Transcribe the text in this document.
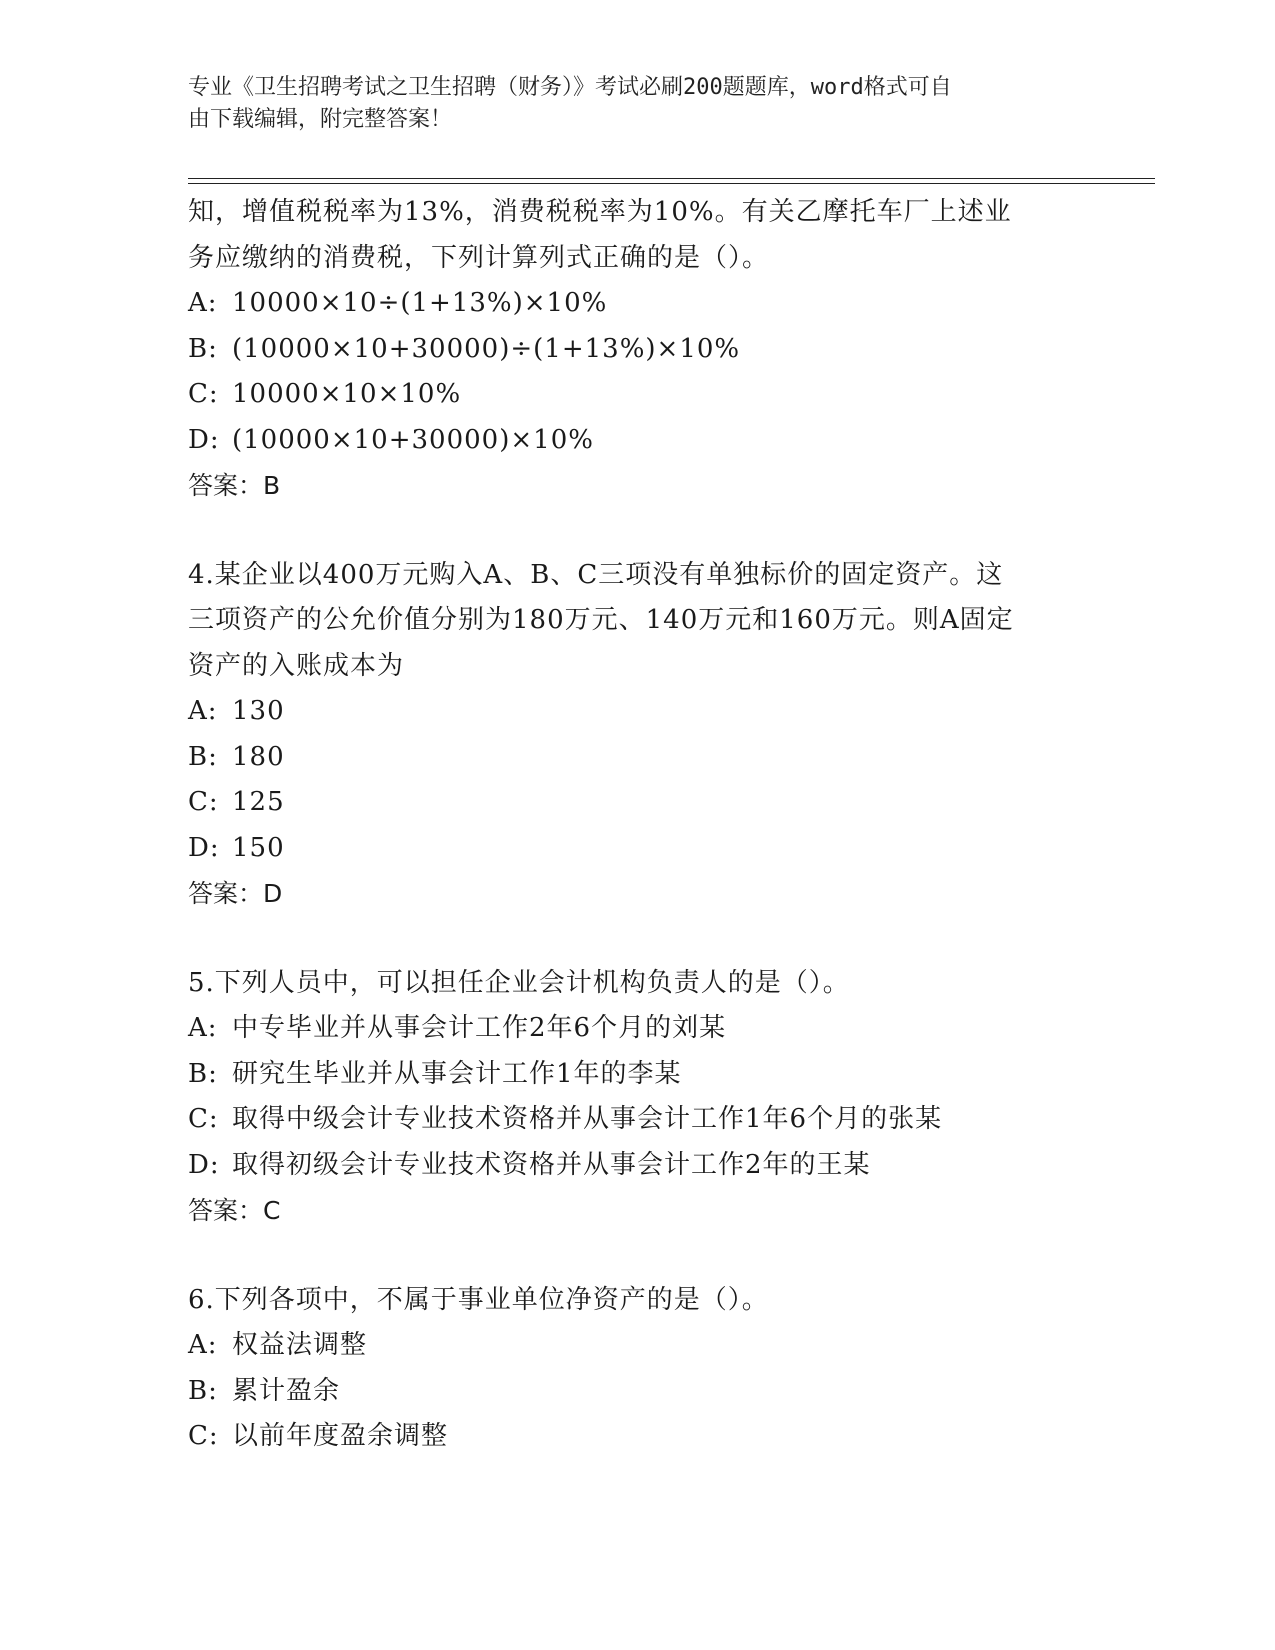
专业《卫生招聘考试之卫生招聘（财务）》考试必刷200题题库，word格式可自
由下载编辑，附完整答案！
知，增值税税率为13%，消费税税率为10%。有关乙摩托车厂上述业
务应缴纳的消费税，下列计算列式正确的是（）。
A: 10000×10÷(1+13%)×10%
B: (10000×10+30000)÷(1+13%)×10%
C: 10000×10×10%
D: (10000×10+30000)×10%
答案：B
4.某企业以400万元购入A、B、C三项没有单独标价的固定资产。这
三项资产的公允价值分别为180万元、140万元和160万元。则A固定
资产的入账成本为
A: 130
B: 180
C: 125
D: 150
答案：D
5.下列人员中，可以担任企业会计机构负责人的是（）。
A: 中专毕业并从事会计工作2年6个月的刘某
B: 研究生毕业并从事会计工作1年的李某
C: 取得中级会计专业技术资格并从事会计工作1年6个月的张某
D: 取得初级会计专业技术资格并从事会计工作2年的王某
答案：C
6.下列各项中，不属于事业单位净资产的是（）。
A: 权益法调整
B: 累计盈余
C: 以前年度盈余调整
